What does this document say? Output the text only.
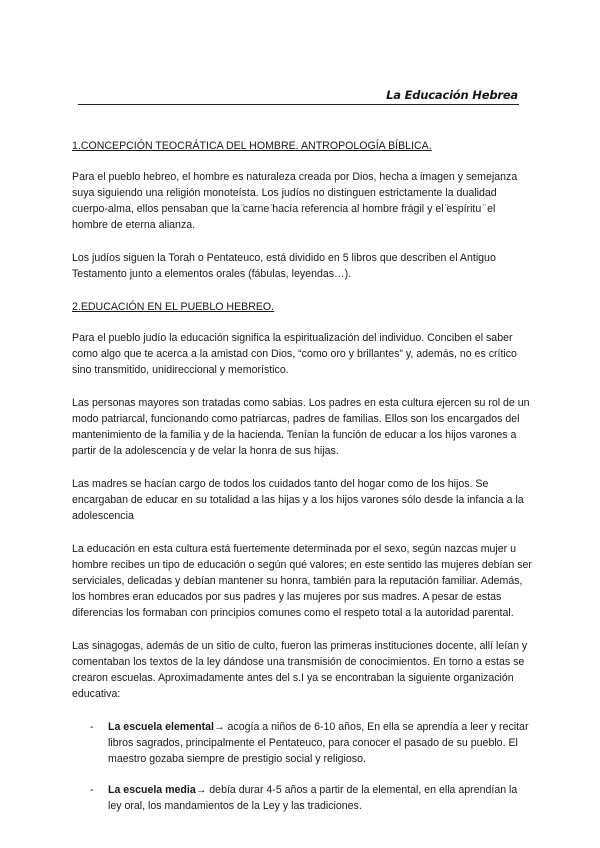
La Educación Hebrea
1.CONCEPCIÓN TEOCRÁTICA DEL HOMBRE. ANTROPOLOGÍA BÍBLICA.

Para el pueblo hebreo, el hombre es naturaleza creada por Dios, hecha a imagen y semejanza suya siguiendo una religión monoteísta. Los judíos no distinguen estrictamente la dualidad cuerpo-alma, ellos pensaban que la ̈carne ̈hacía referencia al hombre frágil y el ̈espíritu ̈ el hombre de eterna alianza.

Los judíos siguen la Torah o Pentateuco, está dividido en 5 libros que describen el Antiguo Testamento junto a elementos orales (fábulas, leyendas…).

2.EDUCACIÓN EN EL PUEBLO HEBREO.

Para el pueblo judío la educación significa la espiritualización del individuo. Conciben el saber como algo que te acerca a la amistad con Dios, “como oro y brillantes” y, además, no es crítico sino transmitido, unidireccional y memorístico.

Las personas mayores son tratadas como sabias. Los padres en esta cultura ejercen su rol de un modo patriarcal, funcionando como patriarcas, padres de familias. Ellos son los encargados del mantenimiento de la familia y de la hacienda. Tenían la función de educar a los hijos varones a partir de la adolescencia y de velar la honra de sus hijas.

Las madres se hacían cargo de todos los cuidados tanto del hogar como de los hijos. Se encargaban de educar en su totalidad a las hijas y a los hijos varones sólo desde la infancia a la adolescencia

La educación en esta cultura está fuertemente determinada por el sexo, según nazcas mujer u hombre recibes un tipo de educación o según qué valores; en este sentido las mujeres debían ser serviciales, delicadas y debían mantener su honra, también para la reputación familiar. Además, los hombres eran educados por sus padres y las mujeres por sus madres. A pesar de estas diferencias los formaban con principios comunes como el respeto total a la autoridad parental.

Las sinagogas, además de un sitio de culto, fueron las primeras instituciones docente, allí leían y comentaban los textos de la ley dándose una transmisión de conocimientos. En torno a estas se crearon escuelas. Aproximadamente antes del s.I ya se encontraban la siguiente organización educativa:

- La escuela elemental→ acogía a niños de 6-10 años, En ella se aprendía a leer y recitar libros sagrados, principalmente el Pentateuco, para conocer el pasado de su pueblo. El maestro gozaba siempre de prestigio social y religioso.
- La escuela media→ debía durar 4-5 años a partir de la elemental, en ella aprendían la ley oral, los mandamientos de la Ley y las tradiciones.
